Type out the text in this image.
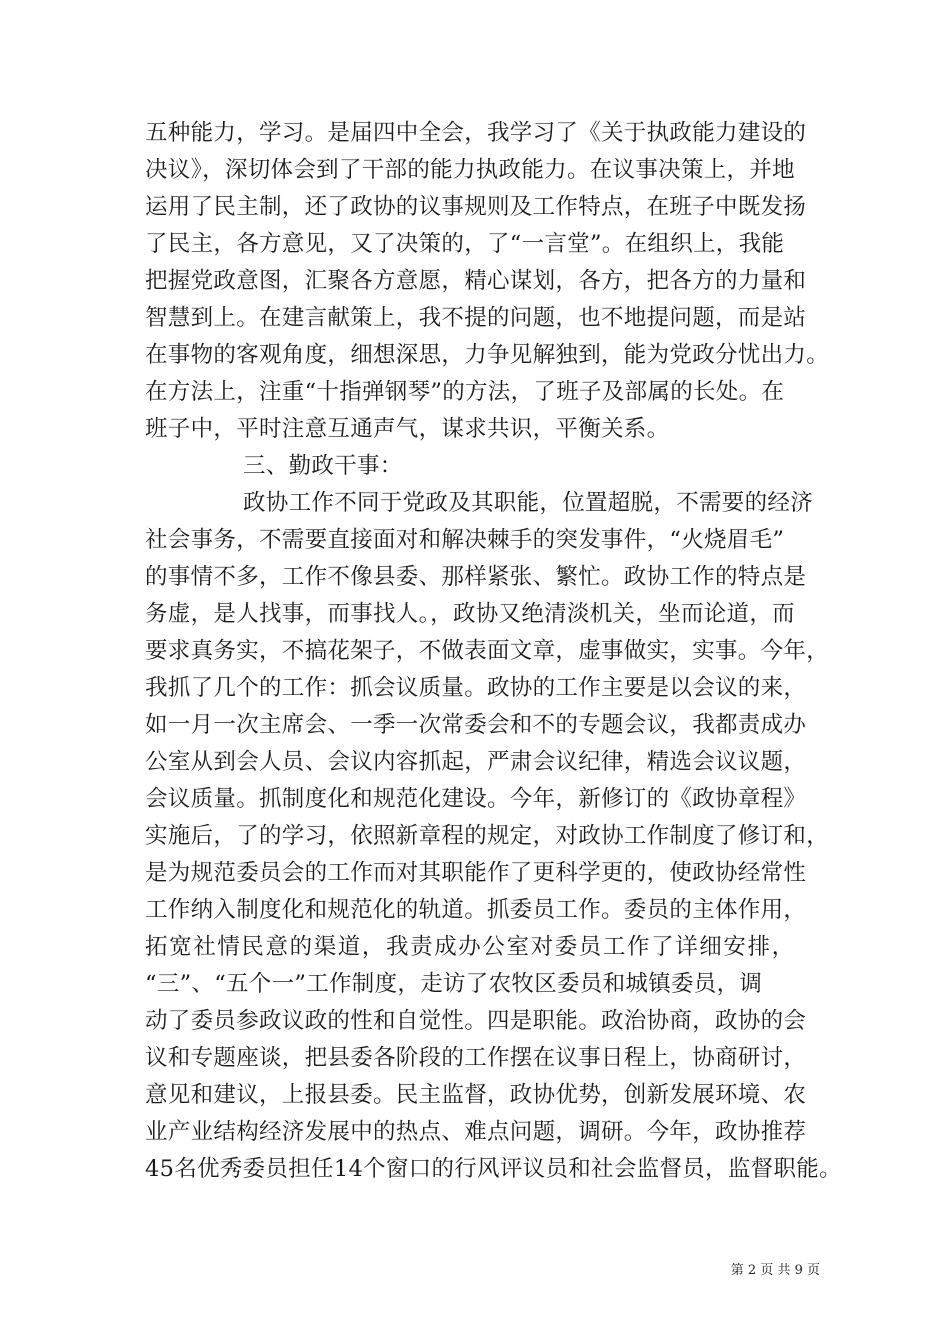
五种能力，学习。是届四中全会，我学习了《关于执政能力建设的
决议》，深切体会到了干部的能力执政能力。在议事决策上，并地
运用了民主制，还了政协的议事规则及工作特点，在班子中既发扬
了民主，各方意见，又了决策的，了“一言堂”。在组织上，我能
把握党政意图，汇聚各方意愿，精心谋划，各方，把各方的力量和
智慧到上。在建言献策上，我不提的问题，也不地提问题，而是站
在事物的客观角度，细想深思，力争见解独到，能为党政分忧出力。
在方法上，注重“十指弹钢琴”的方法，了班子及部属的长处。在
班子中，平时注意互通声气，谋求共识，平衡关系。
三、勤政干事：
政协工作不同于党政及其职能，位置超脱，不需要的经济
社会事务，不需要直接面对和解决棘手的突发事件，“火烧眉毛”
的事情不多，工作不像县委、那样紧张、繁忙。政协工作的特点是
务虚，是人找事，而事找人。，政协又绝清淡机关，坐而论道，而
要求真务实，不搞花架子，不做表面文章，虚事做实，实事。今年，
我抓了几个的工作：抓会议质量。政协的工作主要是以会议的来，
如一月一次主席会、一季一次常委会和不的专题会议，我都责成办
公室从到会人员、会议内容抓起，严肃会议纪律，精选会议议题，
会议质量。抓制度化和规范化建设。今年，新修订的《政协章程》
实施后，了的学习，依照新章程的规定，对政协工作制度了修订和，
是为规范委员会的工作而对其职能作了更科学更的，使政协经常性
工作纳入制度化和规范化的轨道。抓委员工作。委员的主体作用，
拓宽社情民意的渠道，我责成办公室对委员工作了详细安排，
“三”、“五个一”工作制度，走访了农牧区委员和城镇委员，调
动了委员参政议政的性和自觉性。四是职能。政治协商，政协的会
议和专题座谈，把县委各阶段的工作摆在议事日程上，协商研讨，
意见和建议，上报县委。民主监督，政协优势，创新发展环境、农
业产业结构经济发展中的热点、难点问题，调研。今年，政协推荐
45名优秀委员担任14个窗口的行风评议员和社会监督员，监督职能。
第 2 页 共 9 页
